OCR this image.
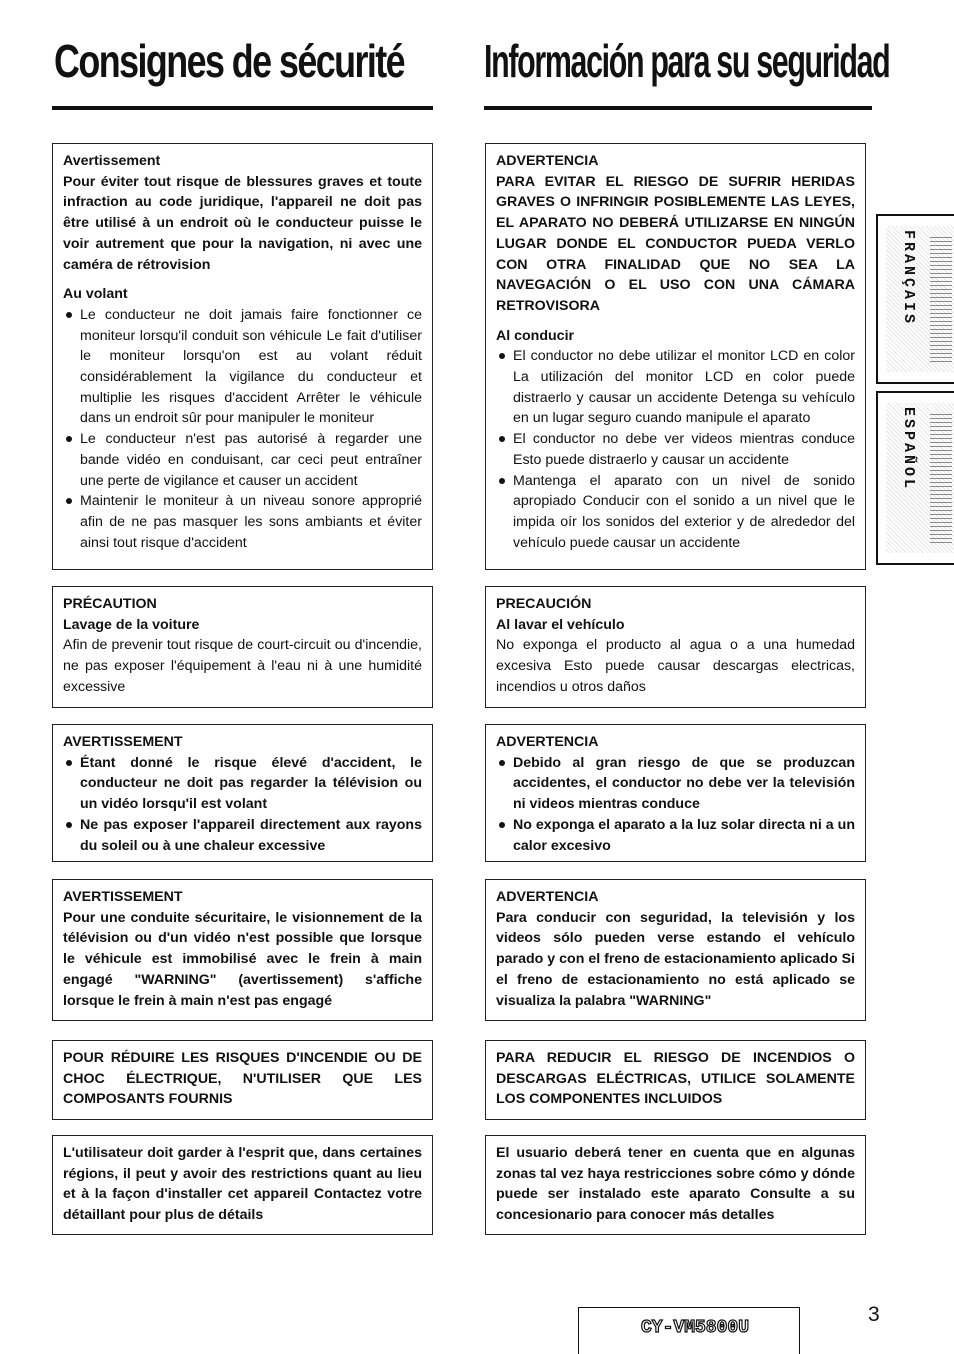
Consignes de sécurité Información para su seguridad
Avertissement
Pour éviter tout risque de blessures graves et toute infraction au code juridique, l'appareil ne doit pas être utilisé à un endroit où le conducteur puisse le voir autrement que pour la navigation, ni avec une caméra de rétrovision
Au volant
Le conducteur ne doit jamais faire fonctionner ce moniteur lorsqu'il conduit son véhicule Le fait d'utiliser le moniteur lorsqu'on est au volant réduit considérablement la vigilance du conducteur et multiplie les risques d'accident Arrêter le véhicule dans un endroit sûr pour manipuler le moniteur
Le conducteur n'est pas autorisé à regarder une bande vidéo en conduisant, car ceci peut entraîner une perte de vigilance et causer un accident
Maintenir le moniteur à un niveau sonore approprié afin de ne pas masquer les sons ambiants et éviter ainsi tout risque d'accident
PRÉCAUTION
Lavage de la voiture
Afin de prevenir tout risque de court-circuit ou d'incendie, ne pas exposer l'équipement à l'eau ni à une humidité excessive
AVERTISSEMENT
Étant donné le risque élevé d'accident, le conducteur ne doit pas regarder la télévision ou un vidéo lorsqu'il est volant
Ne pas exposer l'appareil directement aux rayons du soleil ou à une chaleur excessive
AVERTISSEMENT
Pour une conduite sécuritaire, le visionnement de la télévision ou d'un vidéo n'est possible que lorsque le véhicule est immobilisé avec le frein à main engagé "WARNING" (avertissement) s'affiche lorsque le frein à main n'est pas engagé
POUR RÉDUIRE LES RISQUES D'INCENDIE OU DE CHOC ÉLECTRIQUE, N'UTILISER QUE LES COMPOSANTS FOURNIS
L'utilisateur doit garder à l'esprit que, dans certaines régions, il peut y avoir des restrictions quant au lieu et à la façon d'installer cet appareil Contactez votre détaillant pour plus de détails
ADVERTENCIA
PARA EVITAR EL RIESGO DE SUFRIR HERIDAS GRAVES O INFRINGIR POSIBLEMENTE LAS LEYES, EL APARATO NO DEBERÁ UTILIZARSE EN NINGÚN LUGAR DONDE EL CONDUCTOR PUEDA VERLO CON OTRA FINALIDAD QUE NO SEA LA NAVEGACIÓN O EL USO CON UNA CÁMARA RETROVISORA
Al conducir
El conductor no debe utilizar el monitor LCD en color La utilización del monitor LCD en color puede distraerlo y causar un accidente Detenga su vehículo en un lugar seguro cuando manipule el aparato
El conductor no debe ver videos mientras conduce Esto puede distraerlo y causar un accidente
Mantenga el aparato con un nivel de sonido apropiado Conducir con el sonido a un nivel que le impida oír los sonidos del exterior y de alrededor del vehículo puede causar un accidente
PRECAUCIÓN
Al lavar el vehículo
No exponga el producto al agua o a una humedad excesiva Esto puede causar descargas electricas, incendios u otros daños
ADVERTENCIA
Debido al gran riesgo de que se produzcan accidentes, el conductor no debe ver la televisión ni videos mientras conduce
No exponga el aparato a la luz solar directa ni a un calor excesivo
ADVERTENCIA
Para conducir con seguridad, la televisión y los videos sólo pueden verse estando el vehículo parado y con el freno de estacionamiento aplicado Si el freno de estacionamiento no está aplicado se visualiza la palabra "WARNING"
PARA REDUCIR EL RIESGO DE INCENDIOS O DESCARGAS ELÉCTRICAS, UTILICE SOLAMENTE LOS COMPONENTES INCLUIDOS
El usuario deberá tener en cuenta que en algunas zonas tal vez haya restricciones sobre cómo y dónde puede ser instalado este aparato Consulte a su concesionario para conocer más detalles
FRANÇAIS
ESPAÑOL
CY-VM5800U
3
